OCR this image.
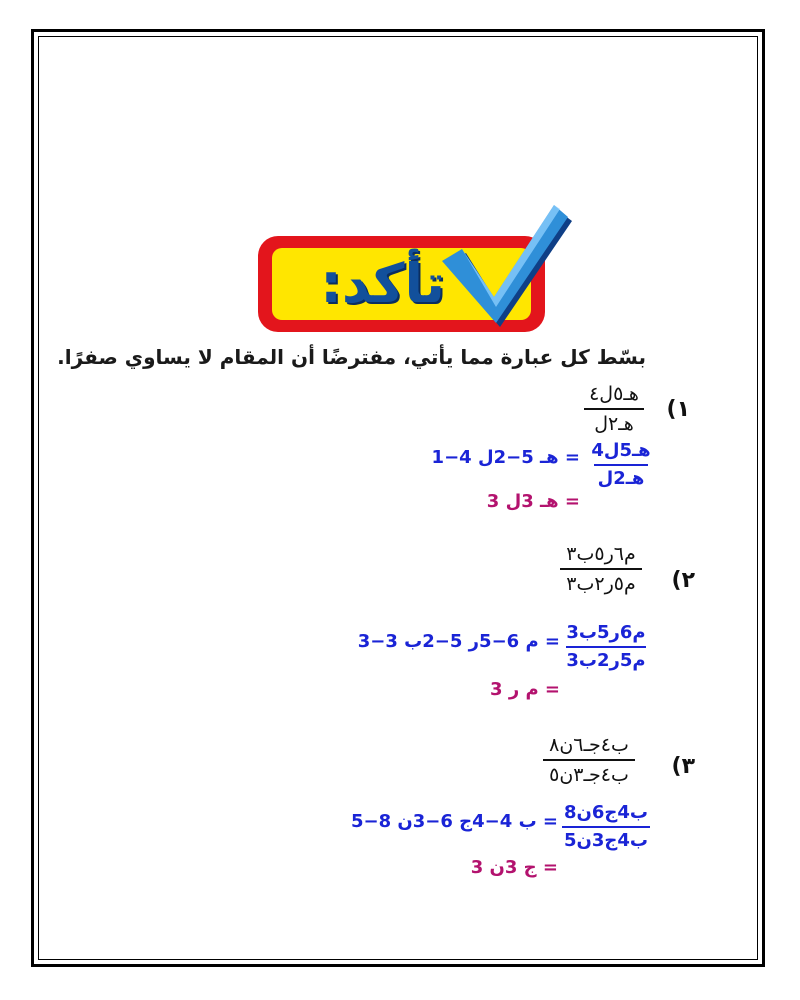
تأكد:
بسّط كل عبارة مما يأتي، مفترضًا أن المقام لا يساوي صفرًا.
١)
هـ٥ل٤
هـ٢ل
هـ5ل4
هـ2ل
= هـ 5−2ل 4−1
= هـ 3ل 3
٢)
م٦ر٥ب٣
م٥ر٢ب٣
م6ر5ب3
م5ر2ب3
= م 6−5ر 5−2ب 3−3
= م ر 3
٣)
ب٤جـ٦ن٨
ب٤جـ٣ن٥
ب4ج6ن8
ب4ج3ن5
= ب 4−4ج 6−3ن 8−5
= ج 3ن 3
